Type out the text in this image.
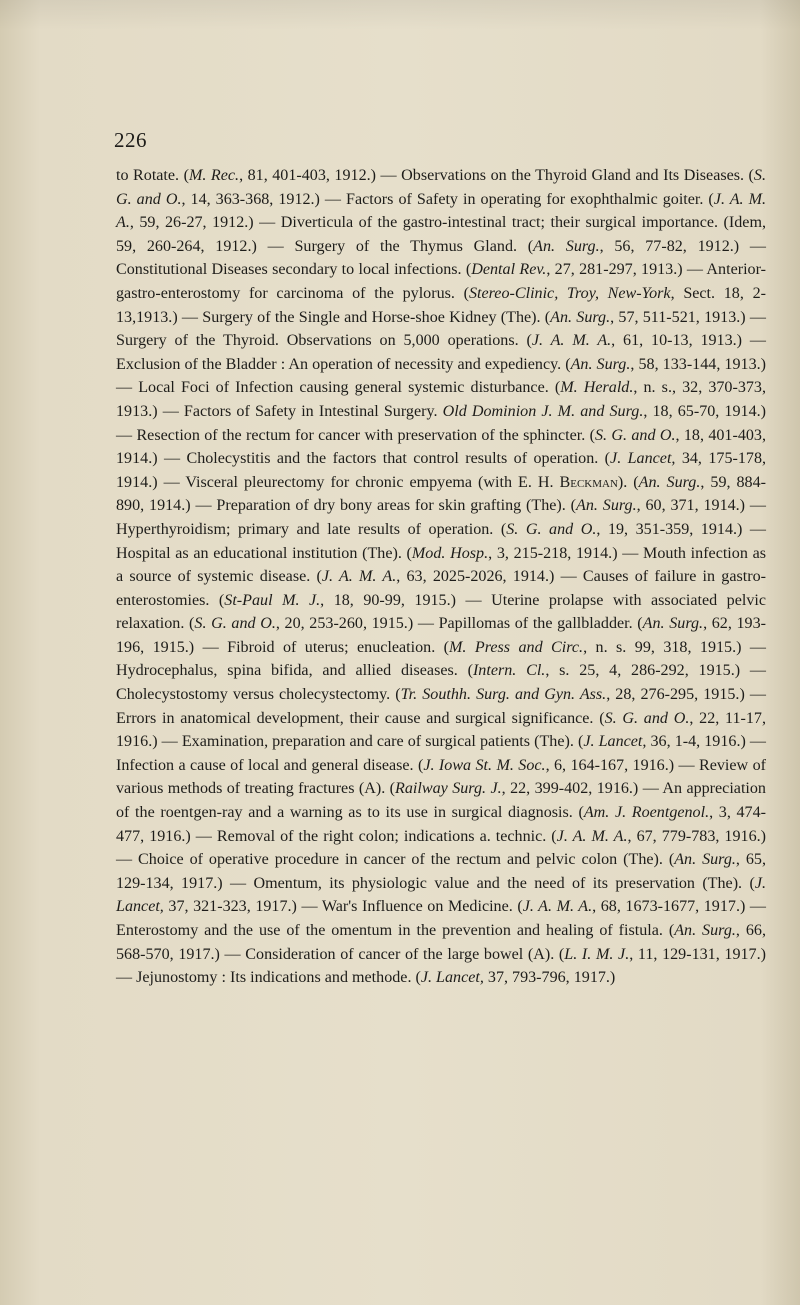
226

to Rotate. (M. Rec., 81, 401-403, 1912.) — Observations on the Thyroid Gland and Its Diseases. (S. G. and O., 14, 363-368, 1912.) — Factors of Safety in operating for exophthalmic goiter. (J. A. M. A., 59, 26-27, 1912.) — Diverticula of the gastro-intestinal tract; their surgical importance. (Idem, 59, 260-264, 1912.) — Surgery of the Thymus Gland. (An. Surg., 56, 77-82, 1912.) — Constitutional Diseases secondary to local infections. (Dental Rev., 27, 281-297, 1913.) — Anterior-gastro-enterostomy for carcinoma of the pylorus. (Stereo-Clinic, Troy, New-York, Sect. 18, 2-13,1913.) — Surgery of the Single and Horse-shoe Kidney (The). (An. Surg., 57, 511-521, 1913.) — Surgery of the Thyroid. Observations on 5,000 operations. (J. A. M. A., 61, 10-13, 1913.) — Exclusion of the Bladder : An operation of necessity and expediency. (An. Surg., 58, 133-144, 1913.) — Local Foci of Infection causing general systemic disturbance. (M. Herald., n. s., 32, 370-373, 1913.) — Factors of Safety in Intestinal Surgery. Old Dominion J. M. and Surg., 18, 65-70, 1914.) — Resection of the rectum for cancer with preservation of the sphincter. (S. G. and O., 18, 401-403, 1914.) — Cholecystitis and the factors that control results of operation. (J. Lancet, 34, 175-178, 1914.) — Visceral pleurectomy for chronic empyema (with E. H. Beckman). (An. Surg., 59, 884-890, 1914.) — Preparation of dry bony areas for skin grafting (The). (An. Surg., 60, 371, 1914.) — Hyperthyroidism; primary and late results of operation. (S. G. and O., 19, 351-359, 1914.) — Hospital as an educational institution (The). (Mod. Hosp., 3, 215-218, 1914.) — Mouth infection as a source of systemic disease. (J. A. M. A., 63, 2025-2026, 1914.) — Causes of failure in gastro-enterostomies. (St-Paul M. J., 18, 90-99, 1915.) — Uterine prolapse with associated pelvic relaxation. (S. G. and O., 20, 253-260, 1915.) — Papillomas of the gallbladder. (An. Surg., 62, 193-196, 1915.) — Fibroid of uterus; enucleation. (M. Press and Circ., n. s. 99, 318, 1915.) — Hydrocephalus, spina bifida, and allied diseases. (Intern. Cl., s. 25, 4, 286-292, 1915.) — Cholecystostomy versus cholecystectomy. (Tr. Southh. Surg. and Gyn. Ass., 28, 276-295, 1915.) — Errors in anatomical development, their cause and surgical significance. (S. G. and O., 22, 11-17, 1916.) — Examination, preparation and care of surgical patients (The). (J. Lancet, 36, 1-4, 1916.) — Infection a cause of local and general disease. (J. Iowa St. M. Soc., 6, 164-167, 1916.) — Review of various methods of treating fractures (A). (Railway Surg. J., 22, 399-402, 1916.) — An appreciation of the roentgen-ray and a warning as to its use in surgical diagnosis. (Am. J. Roentgenol., 3, 474-477, 1916.) — Removal of the right colon; indications a. technic. (J. A. M. A., 67, 779-783, 1916.) — Choice of operative procedure in cancer of the rectum and pelvic colon (The). (An. Surg., 65, 129-134, 1917.) — Omentum, its physiologic value and the need of its preservation (The). (J. Lancet, 37, 321-323, 1917.) — War's Influence on Medicine. (J. A. M. A., 68, 1673-1677, 1917.) — Enterostomy and the use of the omentum in the prevention and healing of fistula. (An. Surg., 66, 568-570, 1917.) — Consideration of cancer of the large bowel (A). (L. I. M. J., 11, 129-131, 1917.) — Jejunostomy : Its indications and methode. (J. Lancet, 37, 793-796, 1917.)
